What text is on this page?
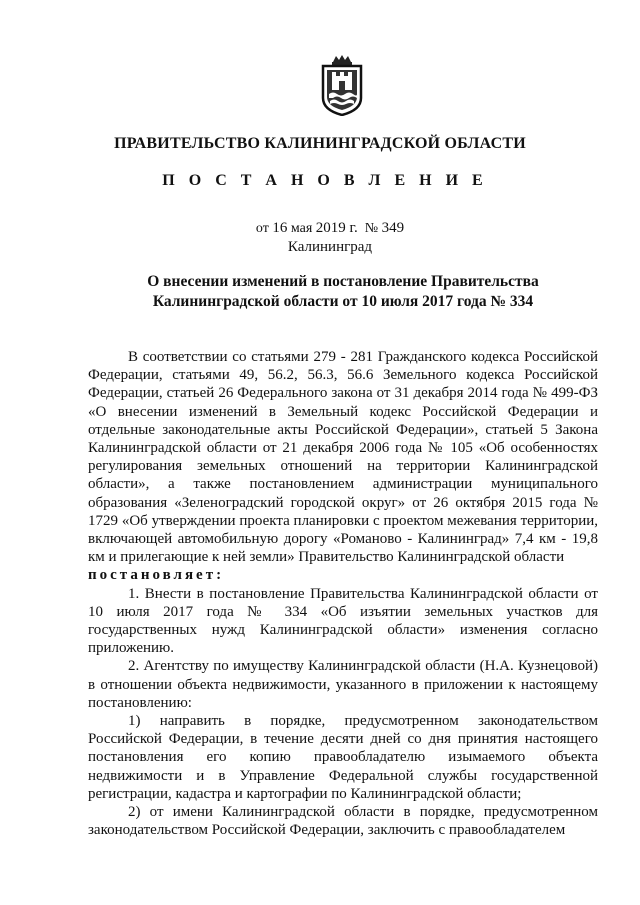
ПРАВИТЕЛЬСТВО КАЛИНИНГРАДСКОЙ ОБЛАСТИ
П О С Т А Н О В Л Е Н И Е
от 16 мая 2019 г. № 349
Калининград
О внесении изменений в постановление Правительства
Калининградской области от 10 июля 2017 года № 334

В соответствии со статьями 279 - 281 Гражданского кодекса Российской Федерации, статьями 49, 56.2, 56.3, 56.6 Земельного кодекса Российской Федерации, статьей 26 Федерального закона от 31 декабря 2014 года № 499-ФЗ «О внесении изменений в Земельный кодекс Российской Федерации и отдельные законодательные акты Российской Федерации», статьей 5 Закона Калининградской области от 21 декабря 2006 года № 105 «Об особенностях регулирования земельных отношений на территории Калининградской области», а также постановлением администрации муниципального образования «Зеленоградский городской округ» от 26 октября 2015 года № 1729 «Об утверждении проекта планировки с проектом межевания территории, включающей автомобильную дорогу «Романово - Калининград» 7,4 км - 19,8 км и прилегающие к ней земли» Правительство Калининградской области

постановляет:

1. Внести в постановление Правительства Калининградской области от 10 июля 2017 года № 334 «Об изъятии земельных участков для государственных нужд Калининградской области» изменения согласно приложению.

2. Агентству по имуществу Калининградской области (Н.А. Кузнецовой) в отношении объекта недвижимости, указанного в приложении к настоящему постановлению:

1) направить в порядке, предусмотренном законодательством Российской Федерации, в течение десяти дней со дня принятия настоящего постановления его копию правообладателю изымаемого объекта недвижимости и в Управление Федеральной службы государственной регистрации, кадастра и картографии по Калининградской области;

2) от имени Калининградской области в порядке, предусмотренном законодательством Российской Федерации, заключить с правообладателем
